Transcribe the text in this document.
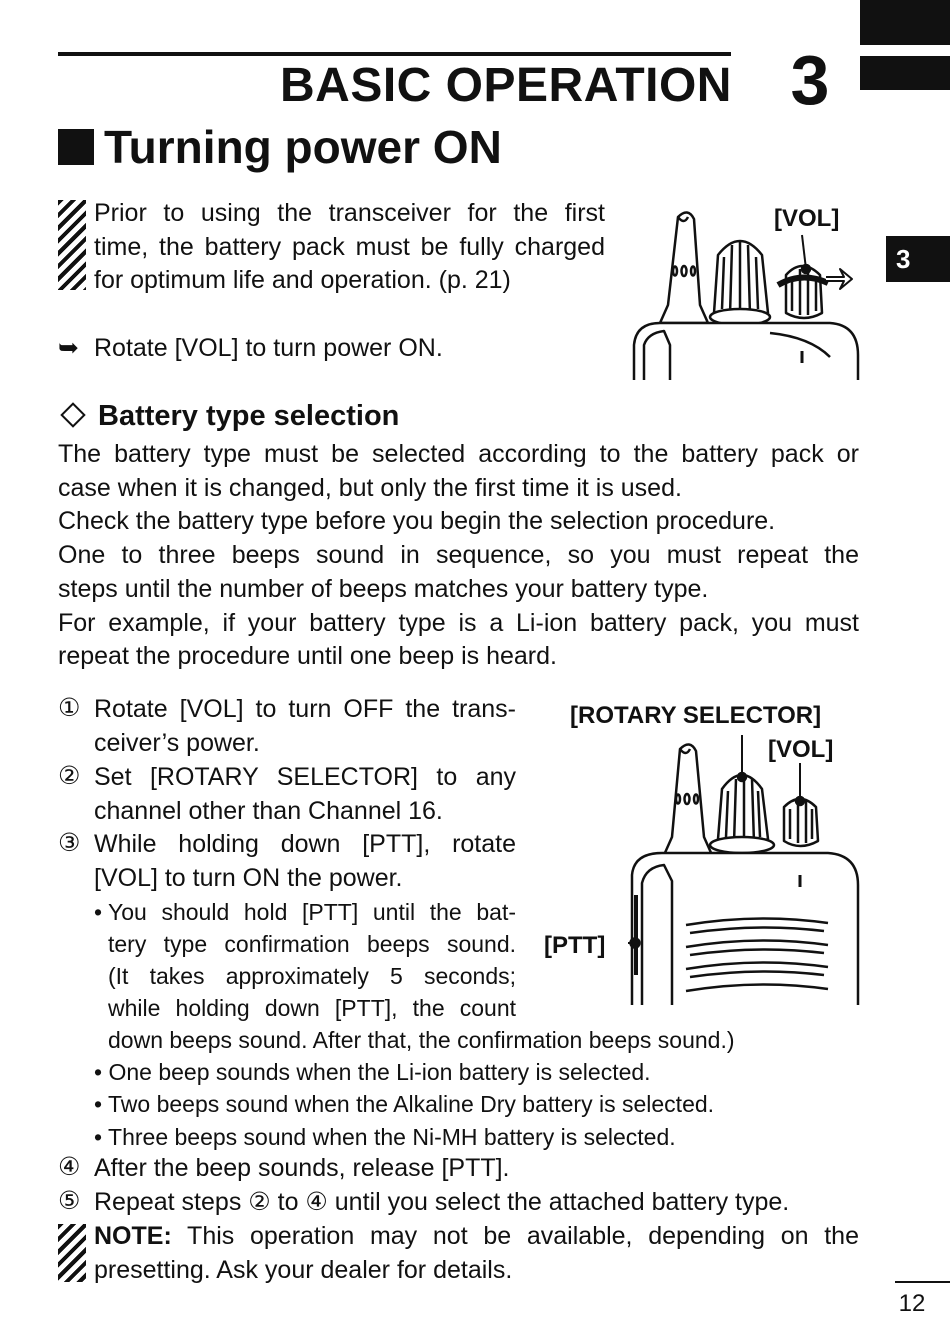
BASIC OPERATION 3
3
Turning power ON
Prior to using the transceiver for the first
time, the battery pack must be fully charged
for optimum life and operation. (p. 21)
➥ Rotate [VOL] to turn power ON.
[VOL]
Battery type selection
The battery type must be selected according to the battery pack or
case when it is changed, but only the first time it is used.
Check the battery type before you begin the selection procedure.
One to three beeps sound in sequence, so you must repeat the
steps until the number of beeps matches your battery type.
For example, if your battery type is a Li-ion battery pack, you must
repeat the procedure until one beep is heard.
① Rotate [VOL] to turn OFF the trans-
ceiver’s power.
② Set [ROTARY SELECTOR] to any
channel other than Channel 16.
③ While holding down [PTT], rotate
[VOL] to turn ON the power.
• You should hold [PTT] until the bat-
tery type confirmation beeps sound.
(It takes approximately 5 seconds;
while holding down [PTT], the count
down beeps sound. After that, the confirmation beeps sound.)
• One beep sounds when the Li-ion battery is selected.
• Two beeps sound when the Alkaline Dry battery is selected.
• Three beeps sound when the Ni-MH battery is selected.
④ After the beep sounds, release [PTT].
⑤ Repeat steps ② to ④ until you select the attached battery type.
NOTE: This operation may not be available, depending on the
presetting. Ask your dealer for details.
[ROTARY SELECTOR]
[VOL]
[PTT]
12
